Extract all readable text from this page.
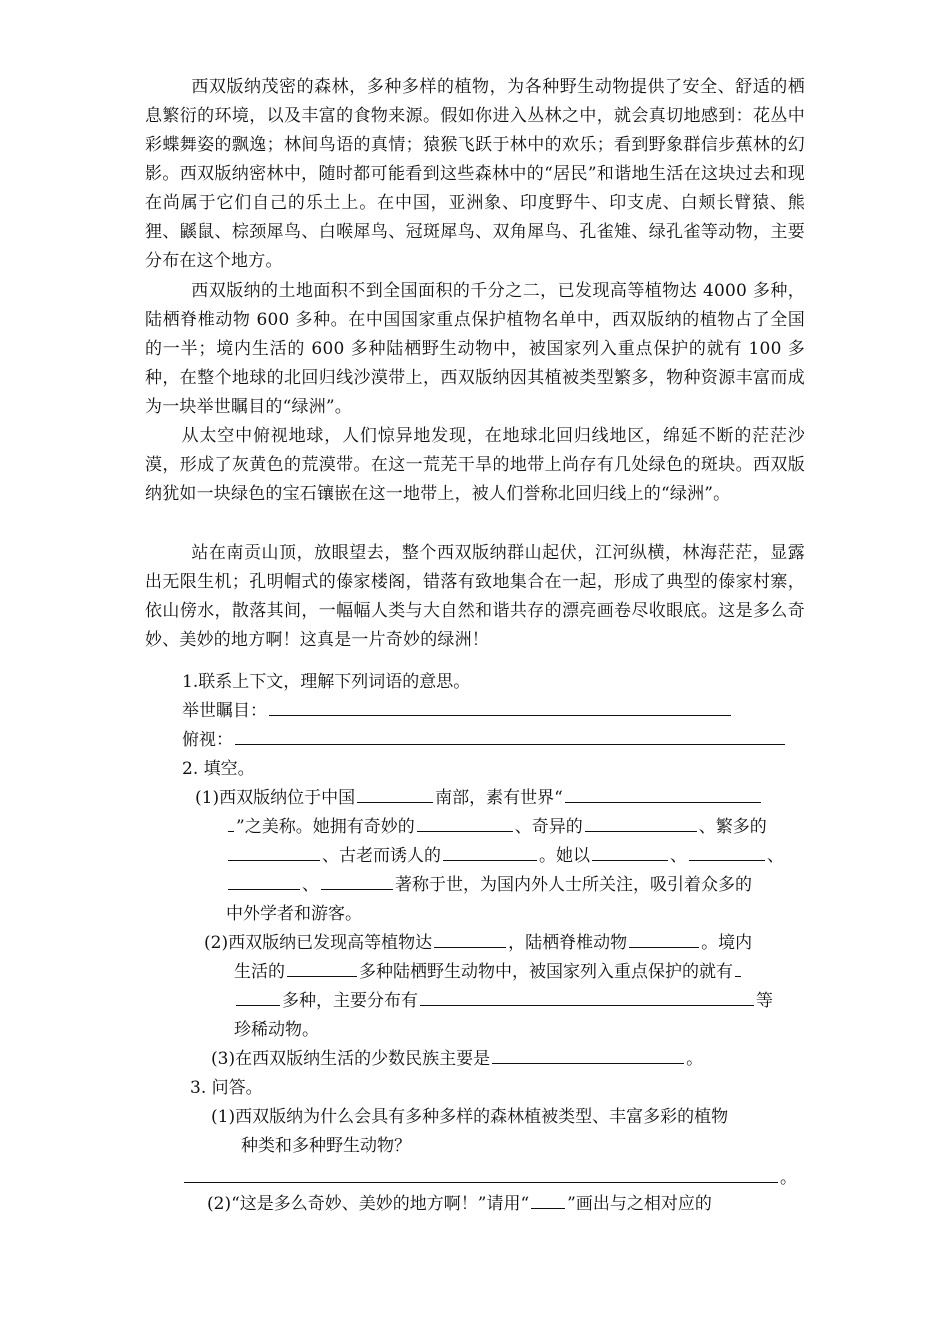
西双版纳茂密的森林，多种多样的植物，为各种野生动物提供了安全、舒适的栖息繁衍的环境，以及丰富的食物来源。假如你进入丛林之中，就会真切地感到：花丛中彩蝶舞姿的飘逸；林间鸟语的真情；猿猴飞跃于林中的欢乐；看到野象群信步蕉林的幻影。西双版纳密林中，随时都可能看到这些森林中的“居民”和谐地生活在这块过去和现在尚属于它们自己的乐土上。在中国，亚洲象、印度野牛、印支虎、白颊长臂猿、熊狸、鼷鼠、棕颈犀鸟、白喉犀鸟、冠斑犀鸟、双角犀鸟、孔雀雉、绿孔雀等动物，主要分布在这个地方。

西双版纳的土地面积不到全国面积的千分之二，已发现高等植物达 4000 多种，陆栖脊椎动物 600 多种。在中国国家重点保护植物名单中，西双版纳的植物占了全国的一半；境内生活的 600 多种陆栖野生动物中，被国家列入重点保护的就有 100 多种，在整个地球的北回归线沙漠带上，西双版纳因其植被类型繁多，物种资源丰富而成为一块举世瞩目的“绿洲”。

从太空中俯视地球，人们惊异地发现，在地球北回归线地区，绵延不断的茫茫沙漠，形成了灰黄色的荒漠带。在这一荒芜干旱的地带上尚存有几处绿色的斑块。西双版纳犹如一块绿色的宝石镶嵌在这一地带上，被人们誉称北回归线上的“绿洲”。

站在南贡山顶，放眼望去，整个西双版纳群山起伏，江河纵横，林海茫茫，显露出无限生机；孔明帽式的傣家楼阁，错落有致地集合在一起，形成了典型的傣家村寨，依山傍水，散落其间，一幅幅人类与大自然和谐共存的漂亮画卷尽收眼底。这是多么奇妙、美妙的地方啊！这真是一片奇妙的绿洲！

1.联系上下文，理解下列词语的意思。

举世瞩目：

俯视：

2. 填空。

(1)西双版纳位于中国	南部，素有世界“

”之美称。她拥有奇妙的	、奇异的	、繁多的

、古老而诱人的	。她以	、	、

、	著称于世，为国内外人士所关注，吸引着众多的

中外学者和游客。

(2)西双版纳已发现高等植物达	，陆栖脊椎动物	。境内

生活的	多种陆栖野生动物中，被国家列入重点保护的就有

多种，主要分布有	等

珍稀动物。

(3)在西双版纳生活的少数民族主要是	。

3. 问答。

(1)西双版纳为什么会具有多种多样的森林植被类型、丰富多彩的植物

种类和多种野生动物？

。

(2)“这是多么奇妙、美妙的地方啊！”请用“ ”画出与之相对应的
